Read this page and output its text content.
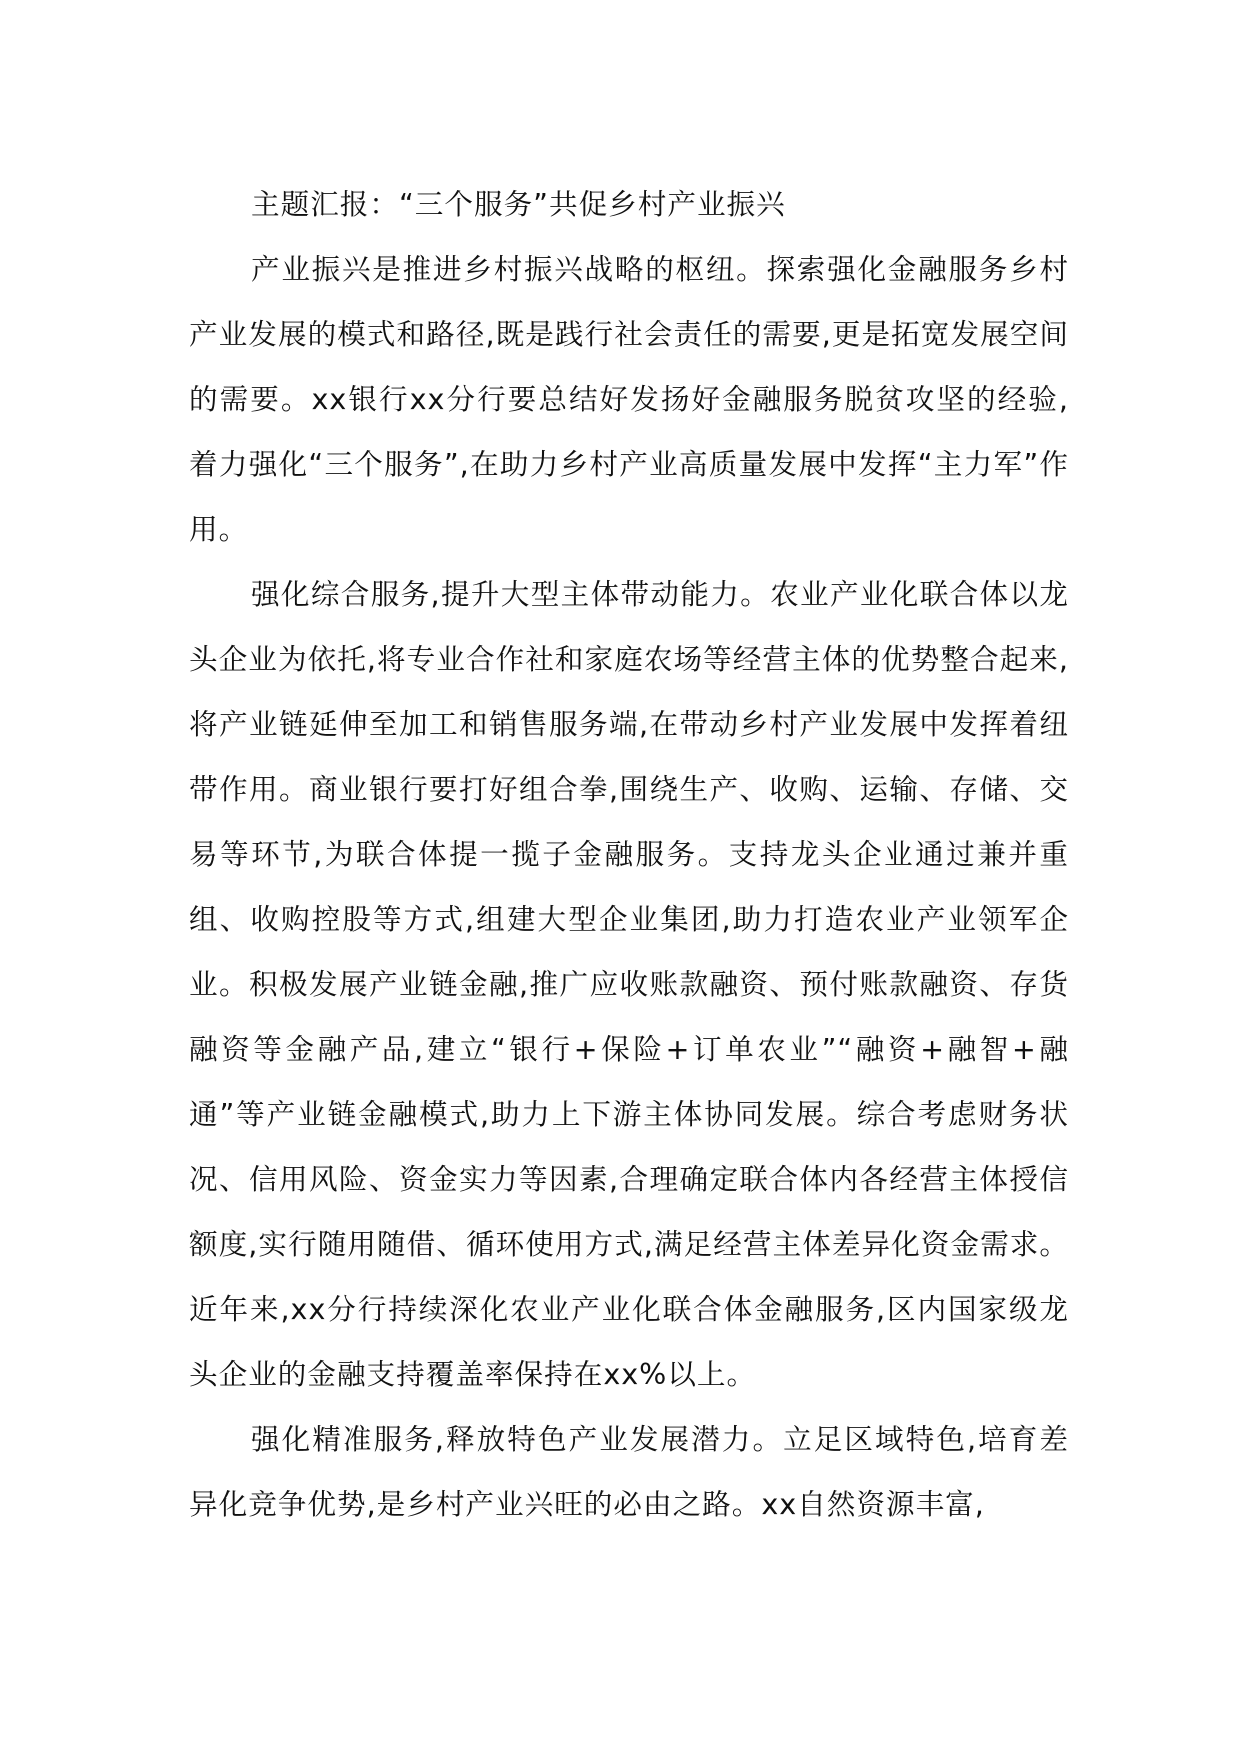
主题汇报：“三个服务”共促乡村产业振兴

产业振兴是推进乡村振兴战略的枢纽。探索强化金融服务乡村产业发展的模式和路径,既是践行社会责任的需要,更是拓宽发展空间的需要。xx银行xx分行要总结好发扬好金融服务脱贫攻坚的经验,着力强化“三个服务”,在助力乡村产业高质量发展中发挥“主力军”作用。

强化综合服务,提升大型主体带动能力。农业产业化联合体以龙头企业为依托,将专业合作社和家庭农场等经营主体的优势整合起来,将产业链延伸至加工和销售服务端,在带动乡村产业发展中发挥着纽带作用。商业银行要打好组合拳,围绕生产、收购、运输、存储、交易等环节,为联合体提一揽子金融服务。支持龙头企业通过兼并重组、收购控股等方式,组建大型企业集团,助力打造农业产业领军企业。积极发展产业链金融,推广应收账款融资、预付账款融资、存货融资等金融产品,建立“银行+保险+订单农业”“融资+融智+融通”等产业链金融模式,助力上下游主体协同发展。综合考虑财务状况、信用风险、资金实力等因素,合理确定联合体内各经营主体授信额度,实行随用随借、循环使用方式,满足经营主体差异化资金需求。近年来,xx分行持续深化农业产业化联合体金融服务,区内国家级龙头企业的金融支持覆盖率保持在xx%以上。

强化精准服务,释放特色产业发展潜力。立足区域特色,培育差异化竞争优势,是乡村产业兴旺的必由之路。xx自然资源丰富,
